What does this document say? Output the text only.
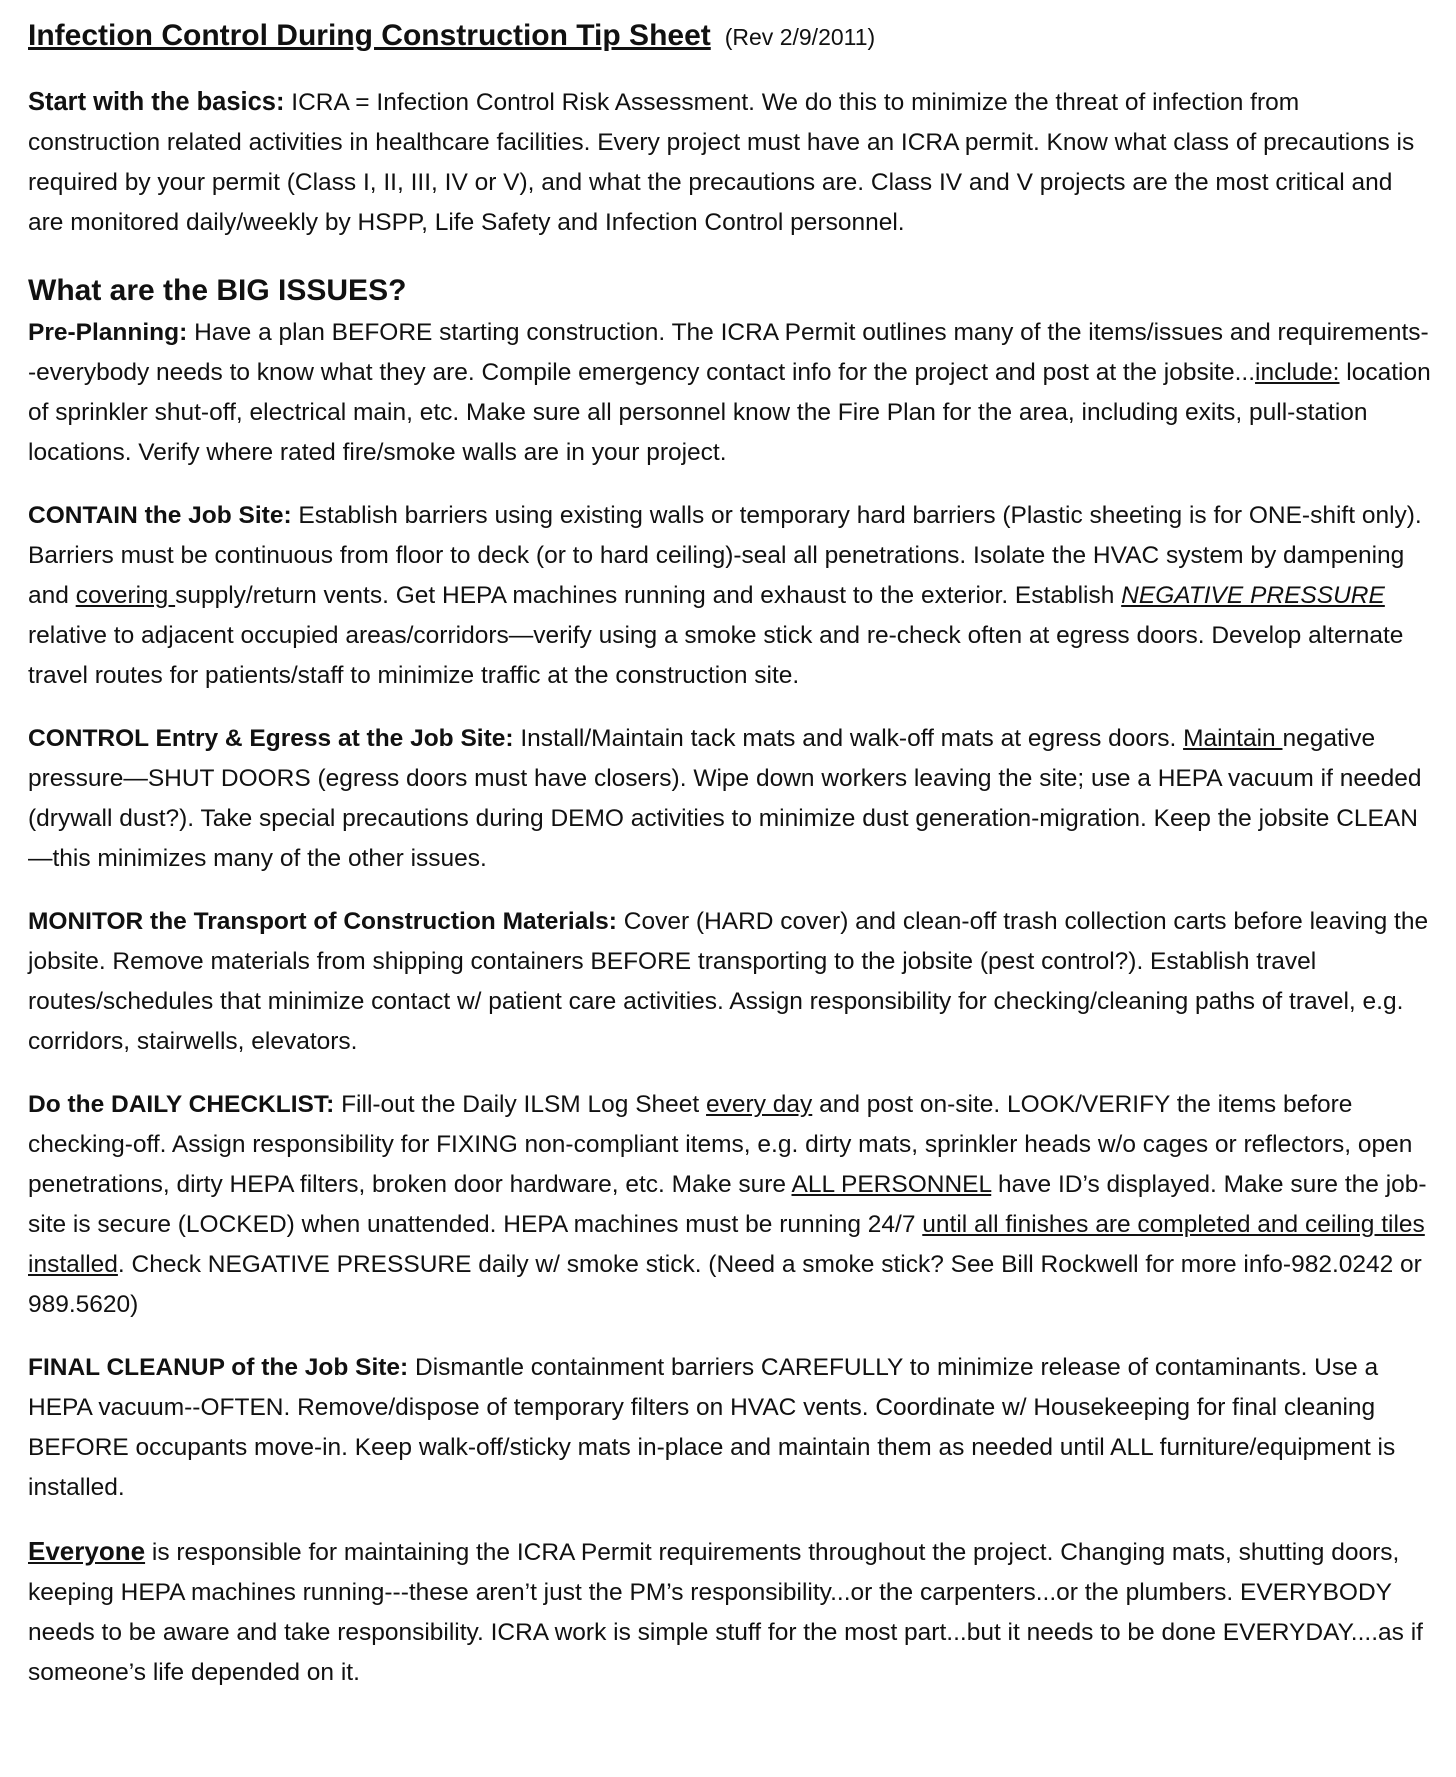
Infection Control During Construction Tip Sheet (Rev 2/9/2011)

Start with the basics: ICRA = Infection Control Risk Assessment. We do this to minimize the threat of infection from construction related activities in healthcare facilities. Every project must have an ICRA permit. Know what class of precautions is required by your permit (Class I, II, III, IV or V), and what the precautions are. Class IV and V projects are the most critical and are monitored daily/weekly by HSPP, Life Safety and Infection Control personnel.

What are the BIG ISSUES?

Pre-Planning: Have a plan BEFORE starting construction. The ICRA Permit outlines many of the items/issues and requirements--everybody needs to know what they are. Compile emergency contact info for the project and post at the jobsite...include: location of sprinkler shut-off, electrical main, etc. Make sure all personnel know the Fire Plan for the area, including exits, pull-station locations. Verify where rated fire/smoke walls are in your project.

CONTAIN the Job Site: Establish barriers using existing walls or temporary hard barriers (Plastic sheeting is for ONE-shift only). Barriers must be continuous from floor to deck (or to hard ceiling)-seal all penetrations. Isolate the HVAC system by dampening and covering supply/return vents. Get HEPA machines running and exhaust to the exterior. Establish NEGATIVE PRESSURE relative to adjacent occupied areas/corridors—verify using a smoke stick and re-check often at egress doors. Develop alternate travel routes for patients/staff to minimize traffic at the construction site.

CONTROL Entry & Egress at the Job Site: Install/Maintain tack mats and walk-off mats at egress doors. Maintain negative pressure—SHUT DOORS (egress doors must have closers). Wipe down workers leaving the site; use a HEPA vacuum if needed (drywall dust?). Take special precautions during DEMO activities to minimize dust generation-migration. Keep the jobsite CLEAN—this minimizes many of the other issues.

MONITOR the Transport of Construction Materials: Cover (HARD cover) and clean-off trash collection carts before leaving the jobsite. Remove materials from shipping containers BEFORE transporting to the jobsite (pest control?). Establish travel routes/schedules that minimize contact w/ patient care activities. Assign responsibility for checking/cleaning paths of travel, e.g. corridors, stairwells, elevators.

Do the DAILY CHECKLIST: Fill-out the Daily ILSM Log Sheet every day and post on-site. LOOK/VERIFY the items before checking-off. Assign responsibility for FIXING non-compliant items, e.g. dirty mats, sprinkler heads w/o cages or reflectors, open penetrations, dirty HEPA filters, broken door hardware, etc. Make sure ALL PERSONNEL have ID’s displayed. Make sure the job-site is secure (LOCKED) when unattended. HEPA machines must be running 24/7 until all finishes are completed and ceiling tiles installed. Check NEGATIVE PRESSURE daily w/ smoke stick. (Need a smoke stick? See Bill Rockwell for more info-982.0242 or 989.5620)

FINAL CLEANUP of the Job Site: Dismantle containment barriers CAREFULLY to minimize release of contaminants. Use a HEPA vacuum--OFTEN. Remove/dispose of temporary filters on HVAC vents. Coordinate w/ Housekeeping for final cleaning BEFORE occupants move-in. Keep walk-off/sticky mats in-place and maintain them as needed until ALL furniture/equipment is installed.

Everyone is responsible for maintaining the ICRA Permit requirements throughout the project. Changing mats, shutting doors, keeping HEPA machines running---these aren’t just the PM’s responsibility...or the carpenters...or the plumbers. EVERYBODY needs to be aware and take responsibility. ICRA work is simple stuff for the most part...but it needs to be done EVERYDAY....as if someone’s life depended on it.
